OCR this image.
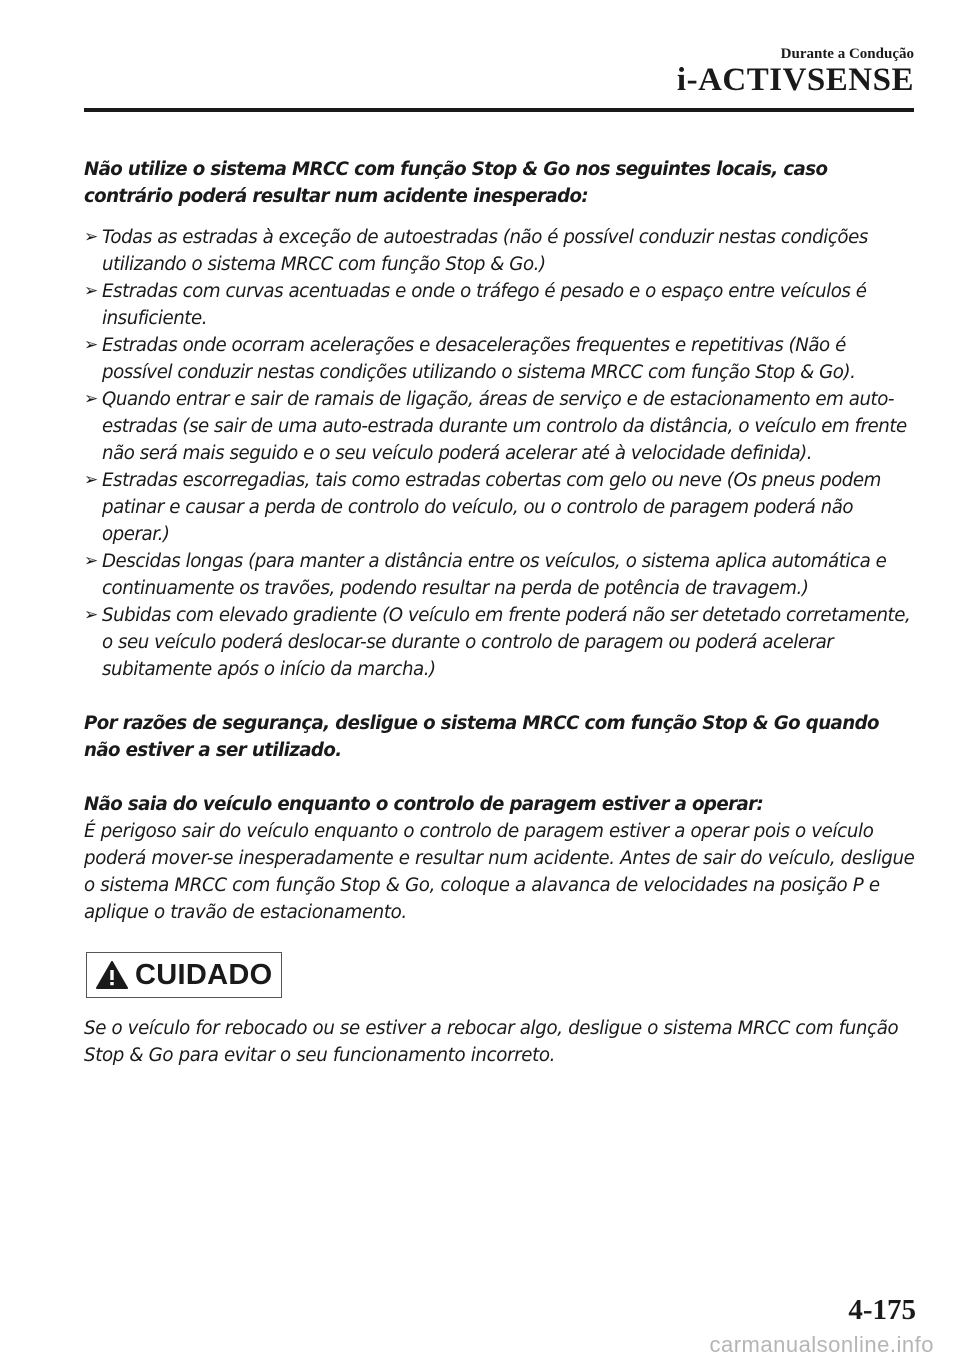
Durante a Condução
i-ACTIVSENSE

Não utilize o sistema MRCC com função Stop & Go nos seguintes locais, caso contrário poderá resultar num acidente inesperado:

➢ Todas as estradas à exceção de autoestradas (não é possível conduzir nestas condições utilizando o sistema MRCC com função Stop & Go.)
➢ Estradas com curvas acentuadas e onde o tráfego é pesado e o espaço entre veículos é insuficiente.
➢ Estradas onde ocorram acelerações e desacelerações frequentes e repetitivas (Não é possível conduzir nestas condições utilizando o sistema MRCC com função Stop & Go).
➢ Quando entrar e sair de ramais de ligação, áreas de serviço e de estacionamento em auto-estradas (se sair de uma auto-estrada durante um controlo da distância, o veículo em frente não será mais seguido e o seu veículo poderá acelerar até à velocidade definida).
➢ Estradas escorregadias, tais como estradas cobertas com gelo ou neve (Os pneus podem patinar e causar a perda de controlo do veículo, ou o controlo de paragem poderá não operar.)
➢ Descidas longas (para manter a distância entre os veículos, o sistema aplica automática e continuamente os travões, podendo resultar na perda de potência de travagem.)
➢ Subidas com elevado gradiente (O veículo em frente poderá não ser detetado corretamente, o seu veículo poderá deslocar-se durante o controlo de paragem ou poderá acelerar subitamente após o início da marcha.)

Por razões de segurança, desligue o sistema MRCC com função Stop & Go quando não estiver a ser utilizado.

Não saia do veículo enquanto o controlo de paragem estiver a operar:

É perigoso sair do veículo enquanto o controlo de paragem estiver a operar pois o veículo poderá mover-se inesperadamente e resultar num acidente. Antes de sair do veículo, desligue o sistema MRCC com função Stop & Go, coloque a alavanca de velocidades na posição P e aplique o travão de estacionamento.

CUIDADO

Se o veículo for rebocado ou se estiver a rebocar algo, desligue o sistema MRCC com função Stop & Go para evitar o seu funcionamento incorreto.

4-175
carmanualsonline.info
